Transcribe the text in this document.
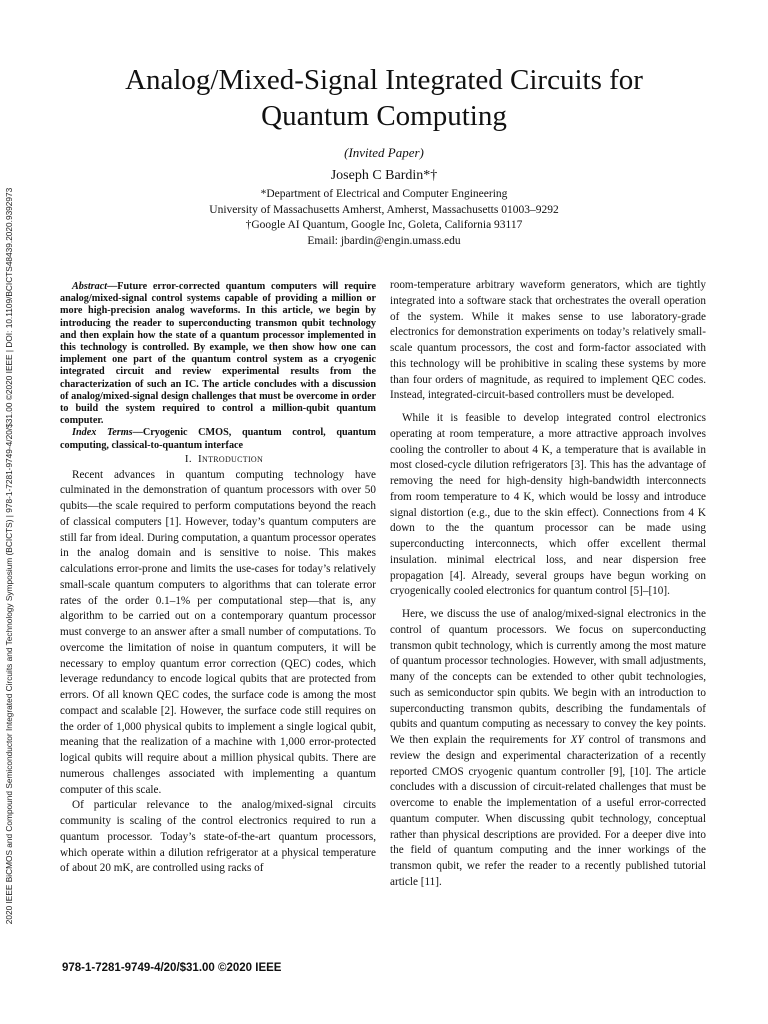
2020 IEEE BiCMOS and Compound Semiconductor Integrated Circuits and Technology Symposium (BCICTS) | 978-1-7281-9749-4/20/$31.00 ©2020 IEEE | DOI: 10.1109/BCICTS48439.2020.9392973
Analog/Mixed-Signal Integrated Circuits for
Quantum Computing
(Invited Paper)
Joseph C Bardin*†
*Department of Electrical and Computer Engineering
University of Massachusetts Amherst, Amherst, Massachusetts 01003–9292
†Google AI Quantum, Google Inc, Goleta, California 93117
Email: jbardin@engin.umass.edu

Abstract—Future error-corrected quantum computers will require analog/mixed-signal control systems capable of providing a million or more high-precision analog waveforms. In this article, we begin by introducing the reader to superconducting transmon qubit technology and then explain how the state of a quantum processor implemented in this technology is controlled. By example, we then show how one can implement one part of the quantum control system as a cryogenic integrated circuit and review experimental results from the characterization of such an IC. The article concludes with a discussion of analog/mixed-signal design challenges that must be overcome in order to build the system required to control a million-qubit quantum computer.

Index Terms—Cryogenic CMOS, quantum control, quantum computing, classical-to-quantum interface

I. Introduction

Recent advances in quantum computing technology have culminated in the demonstration of quantum processors with over 50 qubits—the scale required to perform computations beyond the reach of classical computers [1]. However, today’s quantum computers are still far from ideal. During computation, a quantum processor operates in the analog domain and is sensitive to noise. This makes calculations error-prone and limits the use-cases for today’s relatively small-scale quantum computers to algorithms that can tolerate error rates of the order 0.1–1% per computational step—that is, any algorithm to be carried out on a contemporary quantum processor must converge to an answer after a small number of computations. To overcome the limitation of noise in quantum computers, it will be necessary to employ quantum error correction (QEC) codes, which leverage redundancy to encode logical qubits that are protected from errors. Of all known QEC codes, the surface code is among the most compact and scalable [2]. However, the surface code still requires on the order of 1,000 physical qubits to implement a single logical qubit, meaning that the realization of a machine with 1,000 error-protected logical qubits will require about a million physical qubits. There are numerous challenges associated with implementing a quantum computer of this scale.

Of particular relevance to the analog/mixed-signal circuits community is scaling of the control electronics required to run a quantum processor. Today’s state-of-the-art quantum processors, which operate within a dilution refrigerator at a physical temperature of about 20 mK, are controlled using racks of

room-temperature arbitrary waveform generators, which are tightly integrated into a software stack that orchestrates the overall operation of the system. While it makes sense to use laboratory-grade electronics for demonstration experiments on today’s relatively small-scale quantum processors, the cost and form-factor associated with this technology will be prohibitive in scaling these systems by more than four orders of magnitude, as required to implement QEC codes. Instead, integrated-circuit-based controllers must be developed.

While it is feasible to develop integrated control electronics operating at room temperature, a more attractive approach involves cooling the controller to about 4 K, a temperature that is available in most closed-cycle dilution refrigerators [3]. This has the advantage of removing the need for high-density high-bandwidth interconnects from room temperature to 4 K, which would be lossy and introduce signal distortion (e.g., due to the skin effect). Connections from 4 K down to the the quantum processor can be made using superconducting interconnects, which offer excellent thermal insulation. minimal electrical loss, and near dispersion free propagation [4]. Already, several groups have begun working on cryogenically cooled electronics for quantum control [5]–[10].

Here, we discuss the use of analog/mixed-signal electronics in the control of quantum processors. We focus on superconducting transmon qubit technology, which is currently among the most mature of quantum processor technologies. However, with small adjustments, many of the concepts can be extended to other qubit technologies, such as semiconductor spin qubits. We begin with an introduction to superconducting transmon qubits, describing the fundamentals of qubits and quantum computing as necessary to convey the key points. We then explain the requirements for XY control of transmons and review the design and experimental characterization of a recently reported CMOS cryogenic quantum controller [9], [10]. The article concludes with a discussion of circuit-related challenges that must be overcome to enable the implementation of a useful error-corrected quantum computer. When discussing qubit technology, conceptual rather than physical descriptions are provided. For a deeper dive into the field of quantum computing and the inner workings of the transmon qubit, we refer the reader to a recently published tutorial article [11].

978-1-7281-9749-4/20/$31.00 ©2020 IEEE
